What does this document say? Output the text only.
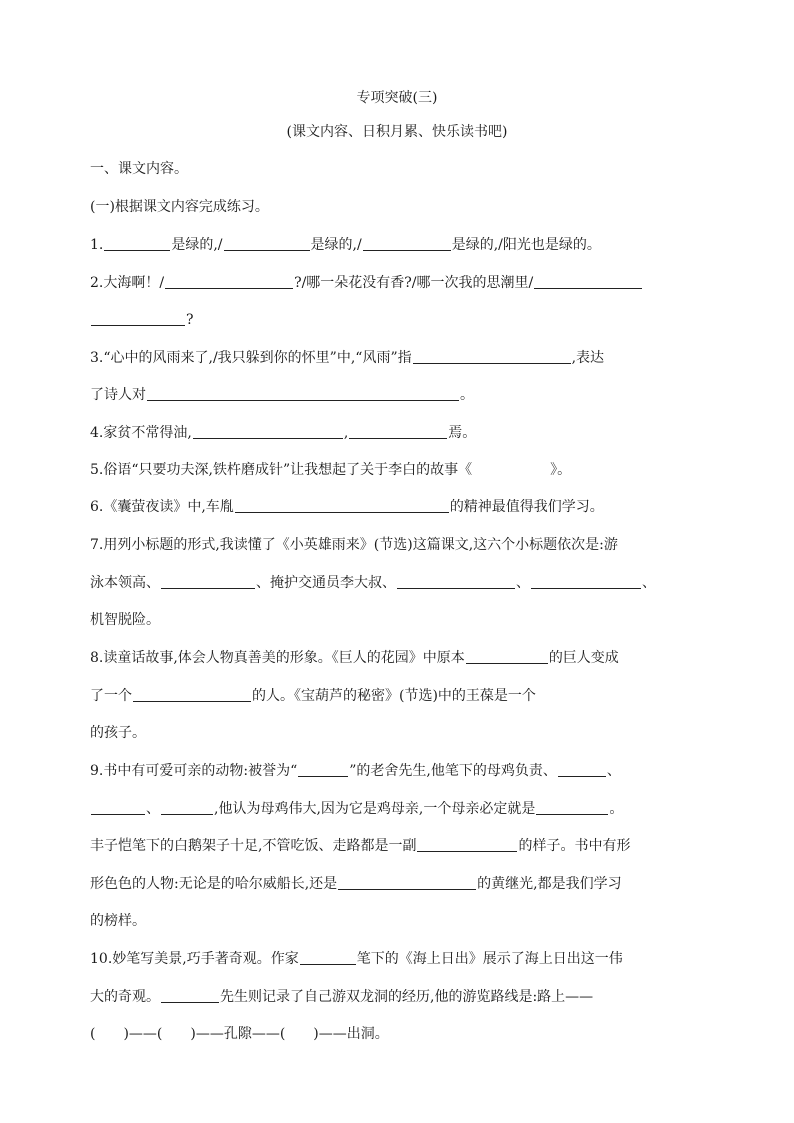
专项突破(三)
(课文内容、日积月累、快乐读书吧)
一、课文内容。
(一)根据课文内容完成练习。
1.	是绿的,/	是绿的,/	是绿的,/阳光也是绿的。
2.大海啊！/	?/哪一朵花没有香?/哪一次我的思潮里/
?
3.“心中的风雨来了,/我只躲到你的怀里”中,“风雨”指	,表达
了诗人对	。
4.家贫不常得油,	,	焉。
5.俗语“只要功夫深,铁杵磨成针”让我想起了关于李白的故事《	》。
6.《囊萤夜读》中,车胤	的精神最值得我们学习。
7.用列小标题的形式,我读懂了《小英雄雨来》(节选)这篇课文,这六个小标题依次是:游
泳本领高、	、掩护交通员李大叔、	、	、
机智脱险。
8.读童话故事,体会人物真善美的形象。《巨人的花园》中原本	的巨人变成
了一个	的人。《宝葫芦的秘密》(节选)中的王葆是一个
的孩子。
9.书中有可爱可亲的动物:被誉为“	”的老舍先生,他笔下的母鸡负责、	、
、	,他认为母鸡伟大,因为它是鸡母亲,一个母亲必定就是	。
丰子恺笔下的白鹅架子十足,不管吃饭、走路都是一副	的样子。书中有形
形色色的人物:无论是的哈尔威船长,还是	的黄继光,都是我们学习
的榜样。
10.妙笔写美景,巧手著奇观。作家	笔下的《海上日出》展示了海上日出这一伟
大的奇观。	先生则记录了自己游双龙洞的经历,他的游览路线是:路上——
(　　)——(　　)——孔隙——(　　)——出洞。
